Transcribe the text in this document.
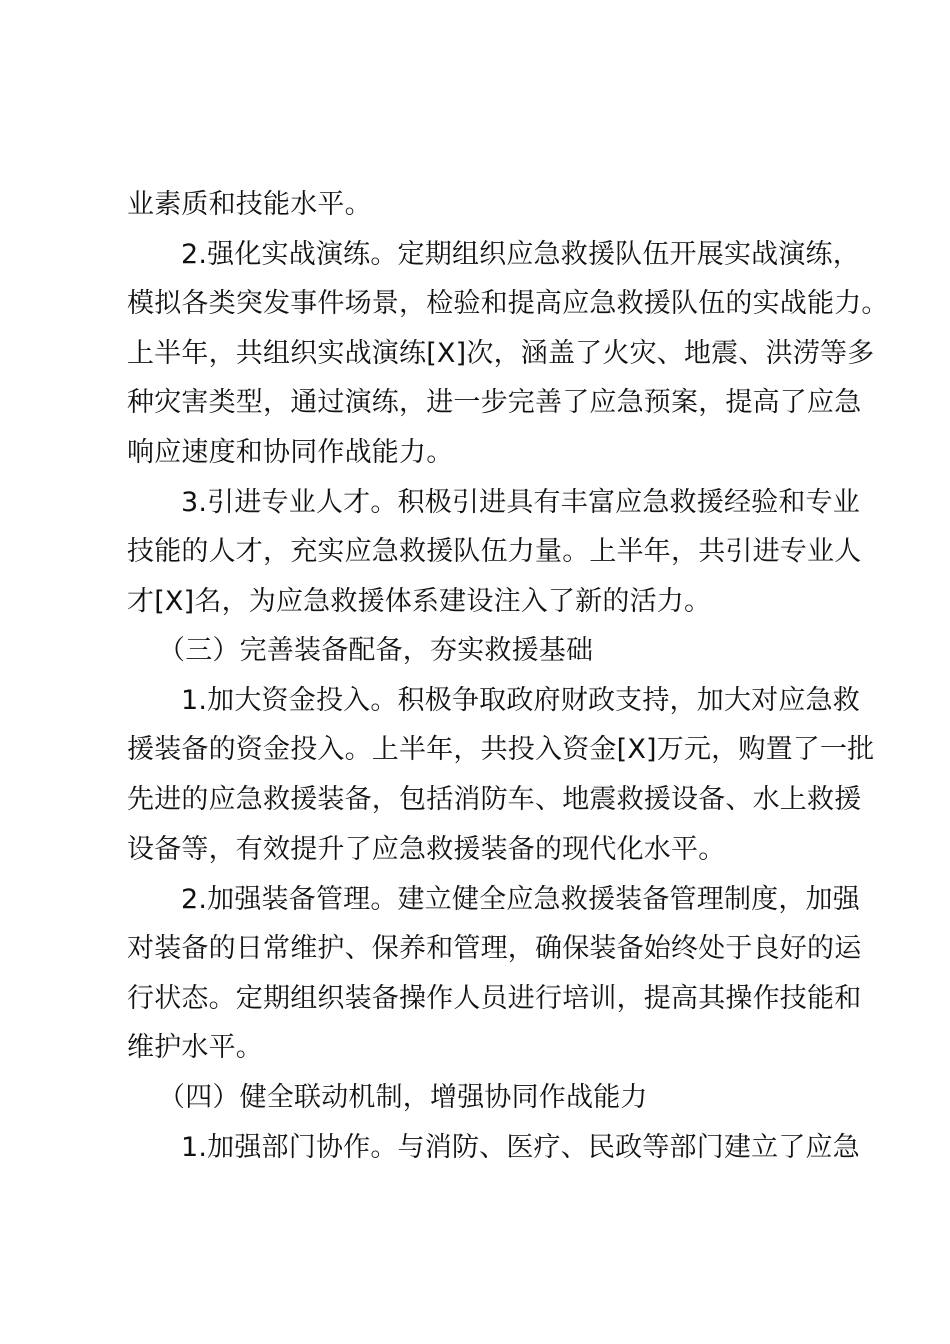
业素质和技能水平。
2.强化实战演练。定期组织应急救援队伍开展实战演练，
模拟各类突发事件场景，检验和提高应急救援队伍的实战能力。
上半年，共组织实战演练[X]次，涵盖了火灾、地震、洪涝等多
种灾害类型，通过演练，进一步完善了应急预案，提高了应急
响应速度和协同作战能力。
3.引进专业人才。积极引进具有丰富应急救援经验和专业
技能的人才，充实应急救援队伍力量。上半年，共引进专业人
才[X]名，为应急救援体系建设注入了新的活力。
（三）完善装备配备，夯实救援基础
1.加大资金投入。积极争取政府财政支持，加大对应急救
援装备的资金投入。上半年，共投入资金[X]万元，购置了一批
先进的应急救援装备，包括消防车、地震救援设备、水上救援
设备等，有效提升了应急救援装备的现代化水平。
2.加强装备管理。建立健全应急救援装备管理制度，加强
对装备的日常维护、保养和管理，确保装备始终处于良好的运
行状态。定期组织装备操作人员进行培训，提高其操作技能和
维护水平。
（四）健全联动机制，增强协同作战能力
1.加强部门协作。与消防、医疗、民政等部门建立了应急
